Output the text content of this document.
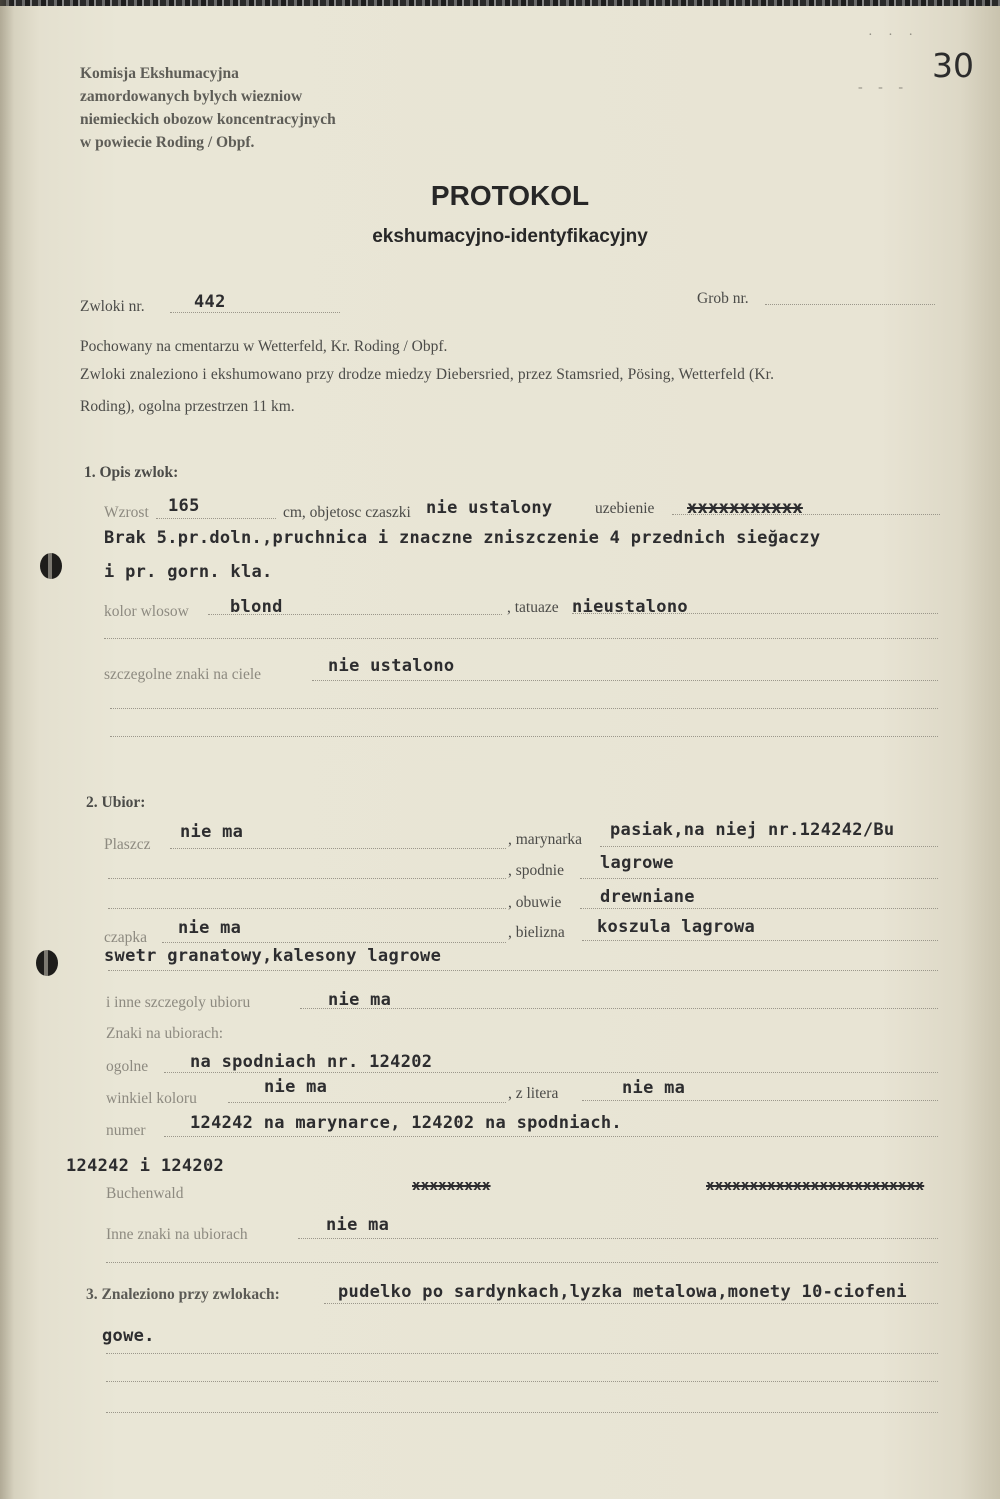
30
· · ·
- - -
Komisja Ekshumacyjna
zamordowanych bylych wiezniow
niemieckich obozow koncentracyjnych
w powiecie Roding / Obpf.
PROTOKOL
ekshumacyjno-identyfikacyjny
Zwloki nr.	442	Grob nr.
Pochowany na cmentarzu w Wetterfeld, Kr. Roding / Obpf.
Zwloki znaleziono i ekshumowano przy drodze miedzy Diebersried, przez Stamsried, Pösing, Wetterfeld (Kr.
Roding), ogolna przestrzen 11 km.
1. Opis zwlok:
Wzrost 165	cm, objetosc czaszki nie ustalony	uzebienie xxxxxxxxxxx
Brak 5.pr.doln.,pruchnica i znaczne zniszczenie 4 przednich sieğaczy
i pr. gorn. kla.
kolor wlosow blond	, tatuaze nieustalono
szczegolne znaki na ciele	nie ustalono
2. Ubior:
Plaszcz
nie ma	, marynarka pasiak,na niej nr.124242/Bu
, spodnie lagrowe
, obuwie drewniane
czapka nie ma	, bielizna koszula lagrowa
swetr granatowy,kalesony lagrowe
i inne szczegoly ubioru	nie ma
Znaki na ubiorach:
ogolne na spodniach nr. 124202
winkiel koloru
nie ma	, z litera	nie ma
numer	124242 na marynarce, 124202 na spodniach.
124242 i 124202
Buchenwald	xxxxxxxxx	xxxxxxxxxxxxxxxxxxxxxxxxx
Inne znaki na ubiorach	nie ma
3. Znaleziono przy zwlokach:	pudelko po sardynkach,lyzka metalowa,monety 10-ciofeni
gowe.
